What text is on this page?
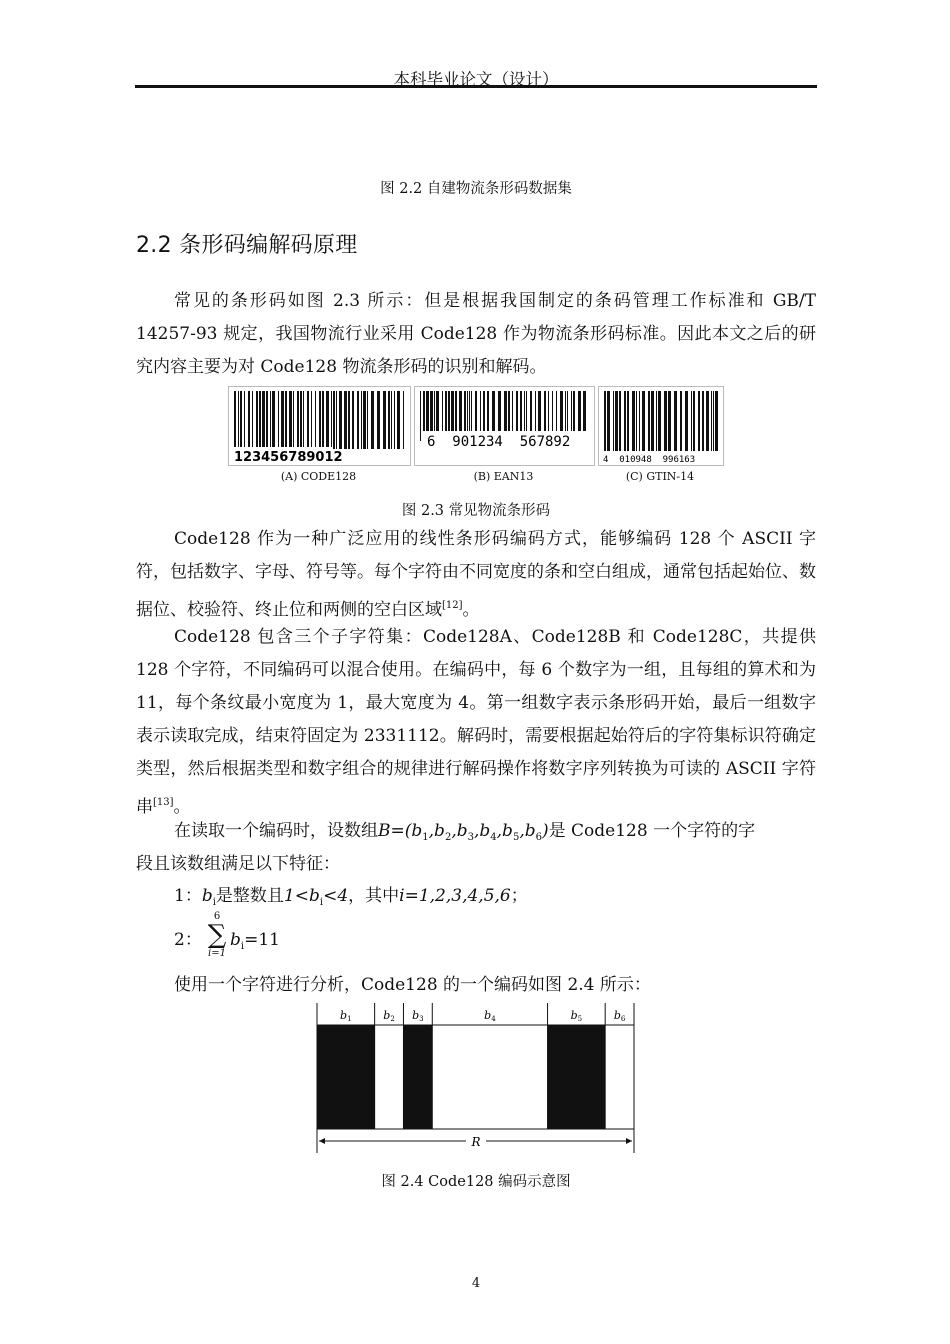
本科毕业论文（设计）
图 2.2 自建物流条形码数据集
2.2 条形码编解码原理
常见的条形码如图 2.3 所示：但是根据我国制定的条码管理工作标准和 GB/T 14257-93 规定，我国物流行业采用 Code128 作为物流条形码标准。因此本文之后的研究内容主要为对 Code128 物流条形码的识别和解码。
123456789012
6  901234  567892
4  010948  996163
(A) CODE128	(B) EAN13	(C) GTIN-14
图 2.3 常见物流条形码
Code128 作为一种广泛应用的线性条形码编码方式，能够编码 128 个 ASCII 字符，包括数字、字母、符号等。每个字符由不同宽度的条和空白组成，通常包括起始位、数据位、校验符、终止位和两侧的空白区域[12]。
Code128 包含三个子字符集：Code128A、Code128B 和 Code128C，共提供 128 个字符，不同编码可以混合使用。在编码中，每 6 个数字为一组，且每组的算术和为 11，每个条纹最小宽度为 1，最大宽度为 4。第一组数字表示条形码开始，最后一组数字表示读取完成，结束符固定为 2331112。解码时，需要根据起始符后的字符集标识符确定类型，然后根据类型和数字组合的规律进行解码操作将数字序列转换为可读的 ASCII 字符串[13]。
在读取一个编码时，设数组$B=(b_1,b_2,b_3,b_4,b_5,b_6)$是 Code128 一个字符的字
段且该数组满足以下特征：
1：$b_i$是整数且$1<b_i<4$，其中i=1,2,3,4,5,6；
2：
6
∑
i=1
$b_i=11$
使用一个字符进行分析，Code128 的一个编码如图 2.4 所示：
b1	b2 b3	b4	b5	b6
R
图 2.4 Code128 编码示意图
4
